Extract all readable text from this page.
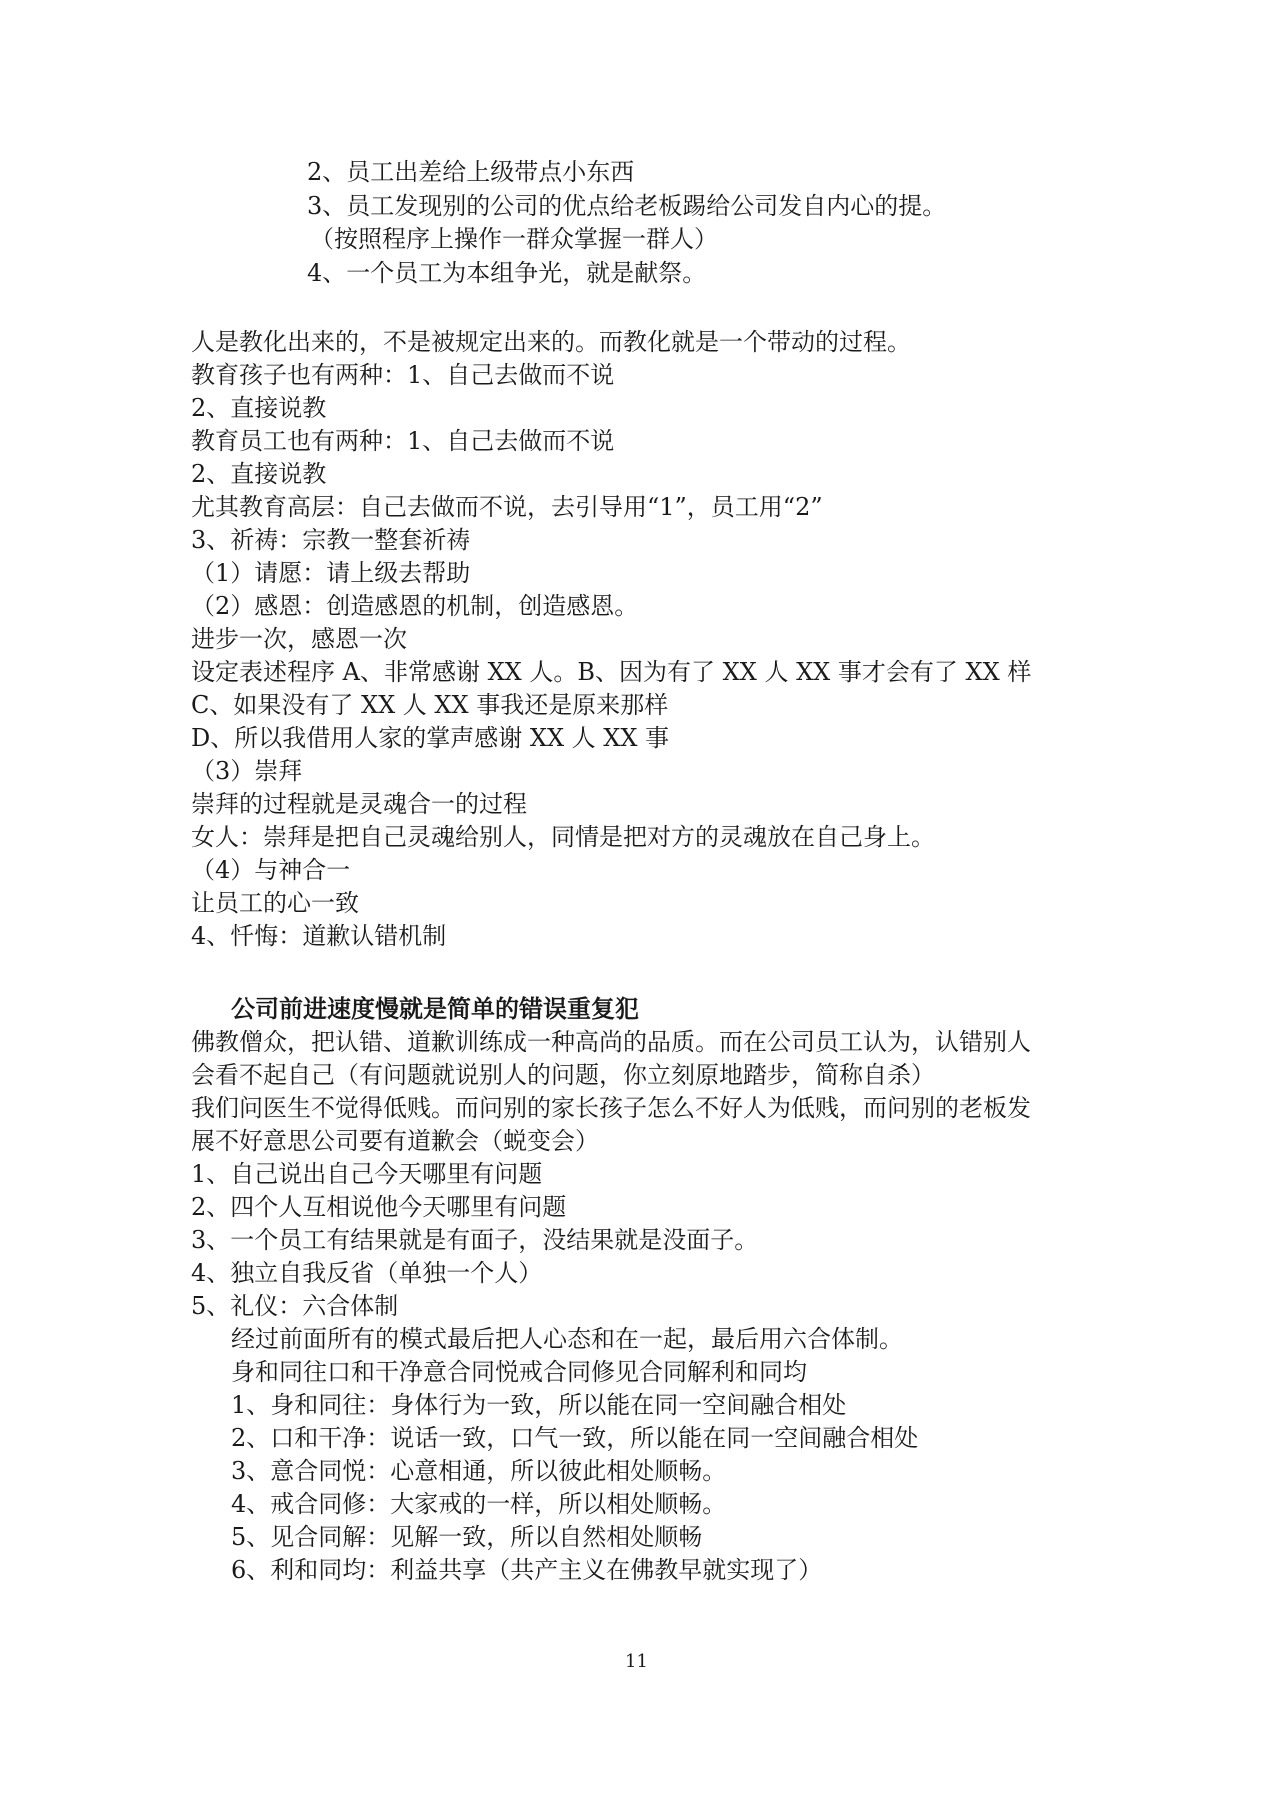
2、员工出差给上级带点小东西
3、员工发现别的公司的优点给老板踢给公司发自内心的提。
（按照程序上操作一群众掌握一群人）
4、一个员工为本组争光，就是献祭。
人是教化出来的，不是被规定出来的。而教化就是一个带动的过程。
教育孩子也有两种：1、自己去做而不说
2、直接说教
教育员工也有两种：1、自己去做而不说
2、直接说教
尤其教育高层：自己去做而不说，去引导用“1”，员工用“2”
3、祈祷：宗教一整套祈祷
（1）请愿：请上级去帮助
（2）感恩：创造感恩的机制，创造感恩。
进步一次，感恩一次
设定表述程序 A、非常感谢 XX 人。B、因为有了 XX 人 XX 事才会有了 XX 样
C、如果没有了 XX 人 XX 事我还是原来那样
D、所以我借用人家的掌声感谢 XX 人 XX 事
（3）崇拜
崇拜的过程就是灵魂合一的过程
女人：崇拜是把自己灵魂给别人，同情是把对方的灵魂放在自己身上。
（4）与神合一
让员工的心一致
4、忏悔：道歉认错机制
公司前进速度慢就是简单的错误重复犯
佛教僧众，把认错、道歉训练成一种高尚的品质。而在公司员工认为，认错别人
会看不起自己（有问题就说别人的问题，你立刻原地踏步，简称自杀）
我们问医生不觉得低贱。而问别的家长孩子怎么不好人为低贱，而问别的老板发
展不好意思公司要有道歉会（蜕变会）
1、自己说出自己今天哪里有问题
2、四个人互相说他今天哪里有问题
3、一个员工有结果就是有面子，没结果就是没面子。
4、独立自我反省（单独一个人）
5、礼仪：六合体制
经过前面所有的模式最后把人心态和在一起，最后用六合体制。
身和同往口和干净意合同悦戒合同修见合同解利和同均
1、身和同往：身体行为一致，所以能在同一空间融合相处
2、口和干净：说话一致，口气一致，所以能在同一空间融合相处
3、意合同悦：心意相通，所以彼此相处顺畅。
4、戒合同修：大家戒的一样，所以相处顺畅。
5、见合同解：见解一致，所以自然相处顺畅
6、利和同均：利益共享（共产主义在佛教早就实现了）
11
